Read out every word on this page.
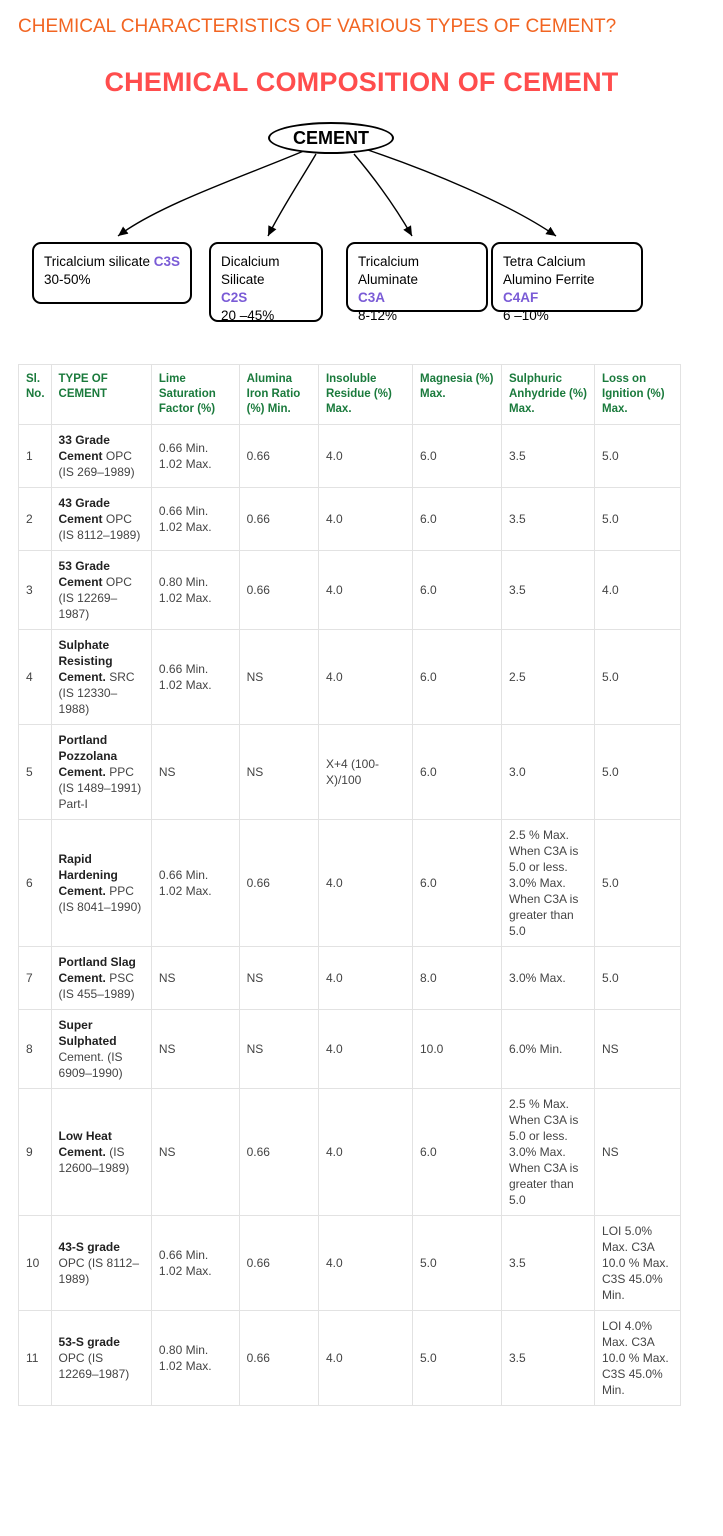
CHEMICAL CHARACTERISTICS OF VARIOUS TYPES OF CEMENT?
CHEMICAL COMPOSITION OF CEMENT
CEMENT
Tricalcium silicate C3S
30-50%
Dicalcium Silicate
C2S
20 –45%
Tricalcium Aluminate
C3A
8-12%
Tetra Calcium Alumino Ferrite
C4AF
6 –10%
Sl. No.	TYPE OF CEMENT	Lime Saturation Factor (%)	Alumina Iron Ratio (%) Min.	Insoluble Residue (%) Max.	Magnesia (%) Max.	Sulphuric Anhydride (%) Max.	Loss on Ignition (%) Max.
1	33 Grade Cement OPC (IS 269–1989)	0.66 Min. 1.02 Max.	0.66	4.0	6.0	3.5	5.0
2	43 Grade Cement OPC (IS 8112–1989)	0.66 Min. 1.02 Max.	0.66	4.0	6.0	3.5	5.0
3	53 Grade Cement OPC (IS 12269–1987)	0.80 Min. 1.02 Max.	0.66	4.0	6.0	3.5	4.0
4	Sulphate Resisting Cement. SRC (IS 12330–1988)	0.66 Min. 1.02 Max.	NS	4.0	6.0	2.5	5.0
5	Portland Pozzolana Cement. PPC (IS 1489–1991) Part-I	NS	NS	X+4 (100-X)/100	6.0	3.0	5.0
6	Rapid Hardening Cement. PPC (IS 8041–1990)	0.66 Min. 1.02 Max.	0.66	4.0	6.0	2.5 % Max. When C3A is 5.0 or less. 3.0% Max. When C3A is greater than 5.0	5.0
7	Portland Slag Cement. PSC (IS 455–1989)	NS	NS	4.0	8.0	3.0% Max.	5.0
8	Super Sulphated Cement. (IS 6909–1990)	NS	NS	4.0	10.0	6.0% Min.	NS
9	Low Heat Cement. (IS 12600–1989)	NS	0.66	4.0	6.0	2.5 % Max. When C3A is 5.0 or less. 3.0% Max. When C3A is greater than 5.0	NS
10	43-S grade OPC (IS 8112–1989)	0.66 Min. 1.02 Max.	0.66	4.0	5.0	3.5	LOI 5.0% Max. C3A 10.0 % Max. C3S 45.0% Min.
11	53-S grade OPC (IS 12269–1987)	0.80 Min. 1.02 Max.	0.66	4.0	5.0	3.5	LOI 4.0% Max. C3A 10.0 % Max. C3S 45.0% Min.
